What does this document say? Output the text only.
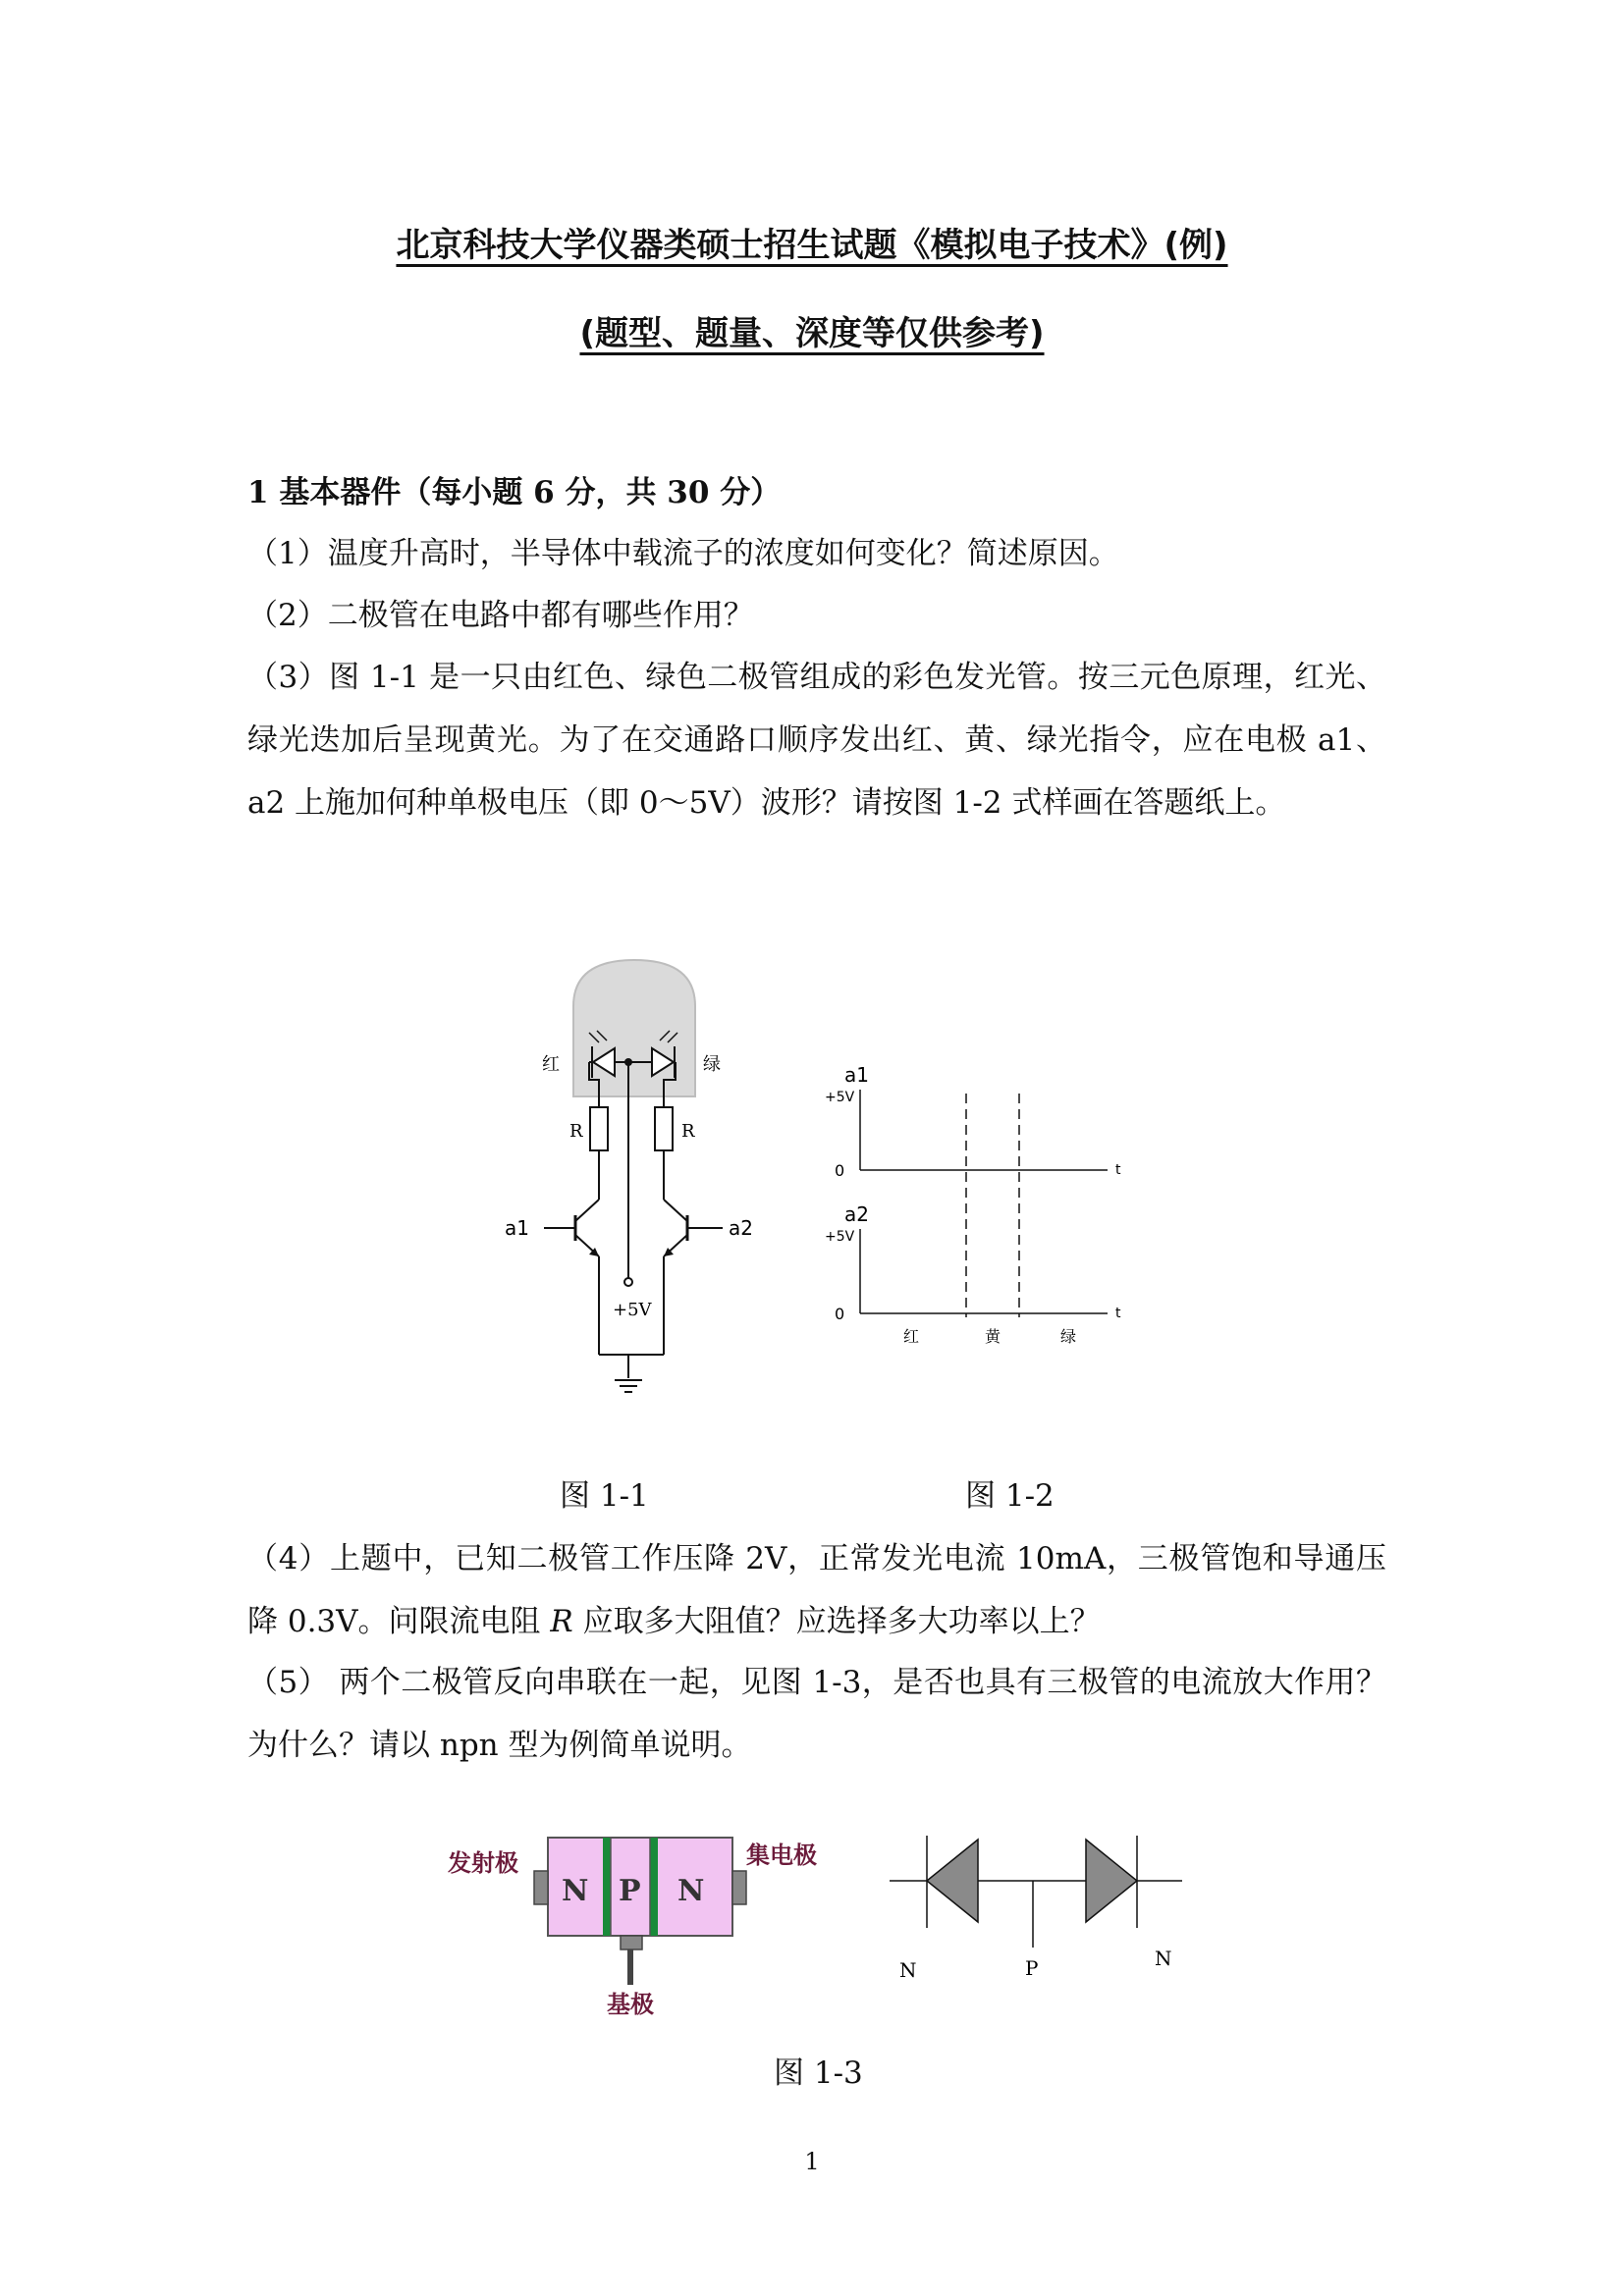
北京科技大学仪器类硕士招生试题《模拟电子技术》(例)
(题型、题量、深度等仅供参考)
1 基本器件（每小题 6 分，共 30 分）
（1）温度升高时，半导体中载流子的浓度如何变化？简述原因。
（2）二极管在电路中都有哪些作用？
（3）图 1-1 是一只由红色、绿色二极管组成的彩色发光管。按三元色原理，红光、绿光迭加后呈现黄光。为了在交通路口顺序发出红、黄、绿光指令，应在电极 a1、a2 上施加何种单极电压（即 0～5V）波形？请按图 1-2 式样画在答题纸上。
+5V
R
a1
R
a2
红	绿	a1
+5V
0	t
a2
+5V
0	t
红	黄	绿
图 1-1	图 1-2
（4）上题中，已知二极管工作压降 2V，正常发光电流 10mA，三极管饱和导通压降 0.3V。问限流电阻 R 应取多大阻值？应选择多大功率以上？
（5） 两个二极管反向串联在一起，见图 1-3，是否也具有三极管的电流放大作用？为什么？请以 npn 型为例简单说明。
N P N
发射极	集电极
基极
N	P	N
图 1-3
1
